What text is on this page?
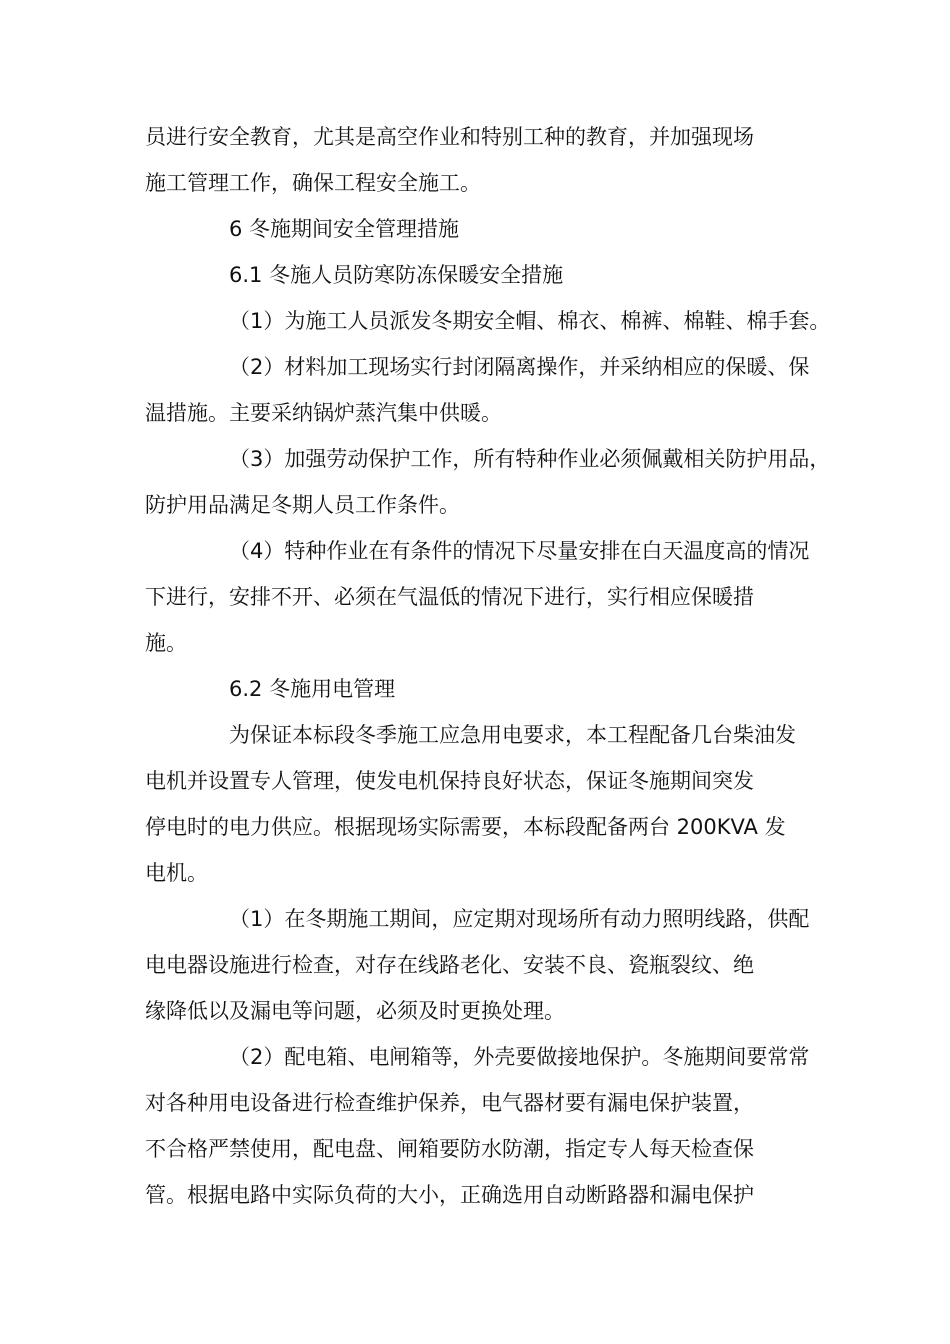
员进行安全教育，尤其是高空作业和特别工种的教育，并加强现场
施工管理工作，确保工程安全施工。
6 冬施期间安全管理措施
6.1 冬施人员防寒防冻保暖安全措施
（1）为施工人员派发冬期安全帽、棉衣、棉裤、棉鞋、棉手套。
（2）材料加工现场实行封闭隔离操作，并采纳相应的保暖、保
温措施。主要采纳锅炉蒸汽集中供暖。
（3）加强劳动保护工作，所有特种作业必须佩戴相关防护用品，
防护用品满足冬期人员工作条件。
（4）特种作业在有条件的情况下尽量安排在白天温度高的情况
下进行，安排不开、必须在气温低的情况下进行，实行相应保暖措
施。
6.2 冬施用电管理
为保证本标段冬季施工应急用电要求，本工程配备几台柴油发
电机并设置专人管理，使发电机保持良好状态，保证冬施期间突发
停电时的电力供应。根据现场实际需要，本标段配备两台 200KVA 发
电机。
（1）在冬期施工期间，应定期对现场所有动力照明线路，供配
电电器设施进行检查，对存在线路老化、安装不良、瓷瓶裂纹、绝
缘降低以及漏电等问题，必须及时更换处理。
（2）配电箱、电闸箱等，外壳要做接地保护。冬施期间要常常
对各种用电设备进行检查维护保养，电气器材要有漏电保护装置，
不合格严禁使用，配电盘、闸箱要防水防潮，指定专人每天检查保
管。根据电路中实际负荷的大小，正确选用自动断路器和漏电保护
